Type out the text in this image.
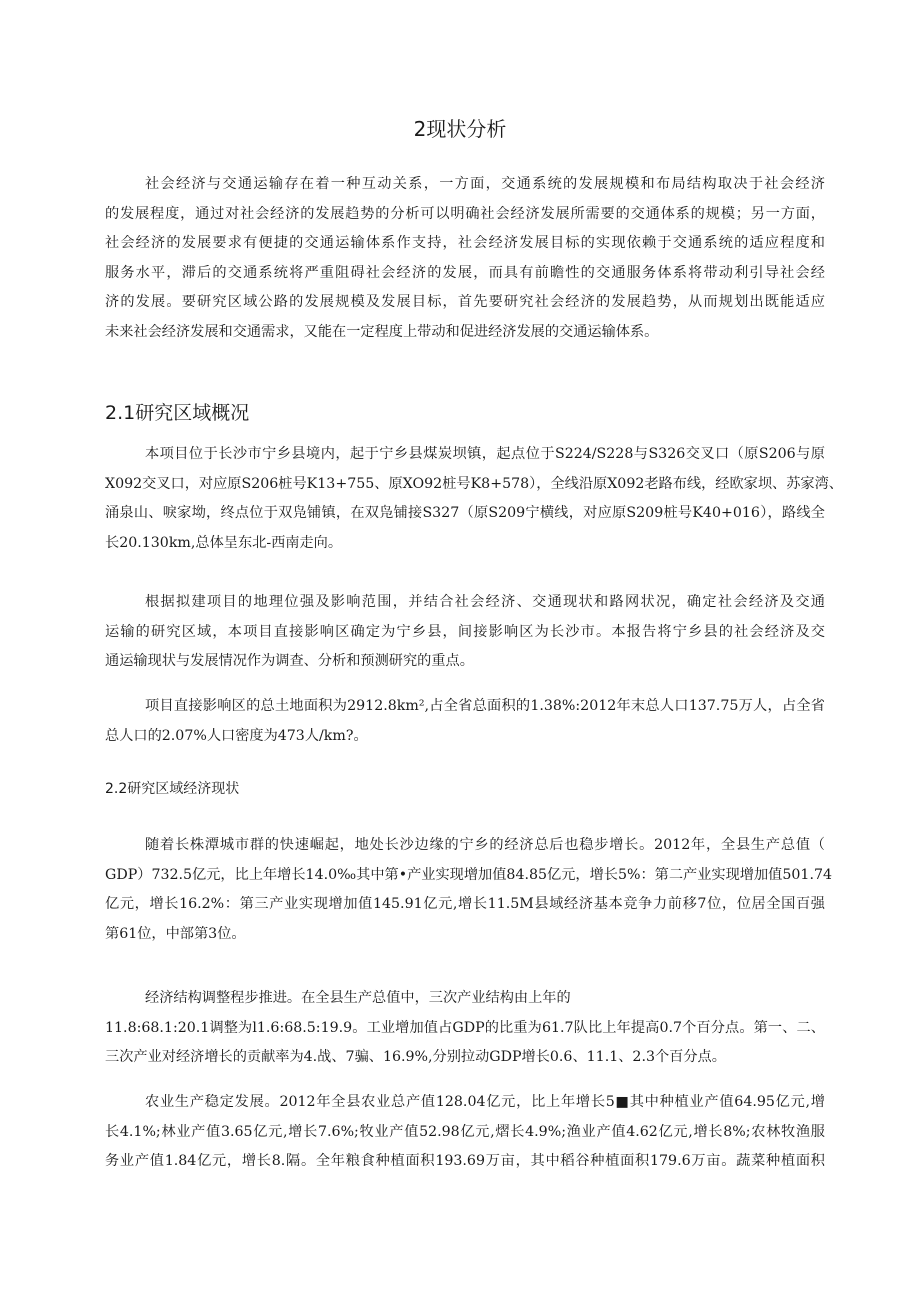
2现状分析
社会经济与交通运输存在着一种互动关系，一方面，交通系统的发展规模和布局结构取决于社会经济
的发展程度，通过对社会经济的发展趋势的分析可以明确社会经济发展所需要的交通体系的规模；另一方面，
社会经济的发展要求有便捷的交通运输体系作支持，社会经济发展目标的实现依赖于交通系统的适应程度和
服务水平，滞后的交通系统将严重阻碍社会经济的发展，而具有前瞻性的交通服务体系将带动利引导社会经
济的发展。要研究区域公路的发展规模及发展目标，首先要研究社会经济的发展趋势，从而规划出既能适应
未来社会经济发展和交通需求，又能在一定程度上带动和促进经济发展的交通运输体系。
2.1研究区域概况
本项目位于长沙市宁乡县境内，起于宁乡县煤炭坝镇，起点位于S224/S228与S326交叉口（原S206与原
X092交叉口，对应原S206桩号K13+755、原XO92桩号K8+578），全线沿原X092老路布线，经欧家坝、苏家湾、
涌泉山、唳家坳，终点位于双凫铺镇，在双凫铺接S327（原S209宁横线，对应原S209桩号K40+016），路线全
长20.130km,总体呈东北-西南走向。
根据拟建项目的地理位强及影响范围，并结合社会经济、交通现状和路网状况，确定社会经济及交通
运输的研究区域，本项目直接影响区确定为宁乡县，间接影响区为长沙市。本报告将宁乡县的社会经济及交
通运输现状与发展情况作为调查、分析和预测研究的重点。
项目直接影响区的总土地面积为2912.8km²,占全省总面积的1.38%:2012年末总人口137.75万人，占全省
总人口的2.07%人口密度为473人/km?。
2.2研究区域经济现状
随着长株潭城市群的快速崛起，地处长沙边缘的宁乡的经济总后也稳步增长。2012年，全县生产总值（
GDP）732.5亿元，比上年增长14.0‰其中第•产业实现增加值84.85亿元，增长5%：第二产业实现增加值501.74
亿元，增长16.2%：第三产业实现增加值145.91亿元,增长11.5M县域经济基本竞争力前移7位，位居全国百强
第61位，中部第3位。
经济结构调整程步推进。在全县生产总值中，三次产业结构由上年的
11.8:68.1:20.1调整为l1.6:68.5:19.9。工业增加值占GDP的比重为61.7队比上年提高0.7个百分点。第一、二、
三次产业对经济增长的贡献率为4.战、7骗、16.9%,分别拉动GDP增长0.6、11.1、2.3个百分点。
农业生产稳定发展。2012年全县农业总产值128.04亿元，比上年增长5■其中种植业产值64.95亿元,增
长4.1%;林业产值3.65亿元,增长7.6%;牧业产值52.98亿元,熠长4.9%;渔业产值4.62亿元,增长8%;农林牧渔服
务业产值1.84亿元，增长8.隔。全年粮食种植面积193.69万亩，其中稻谷种植面积179.6万亩。蔬菜种植面积
